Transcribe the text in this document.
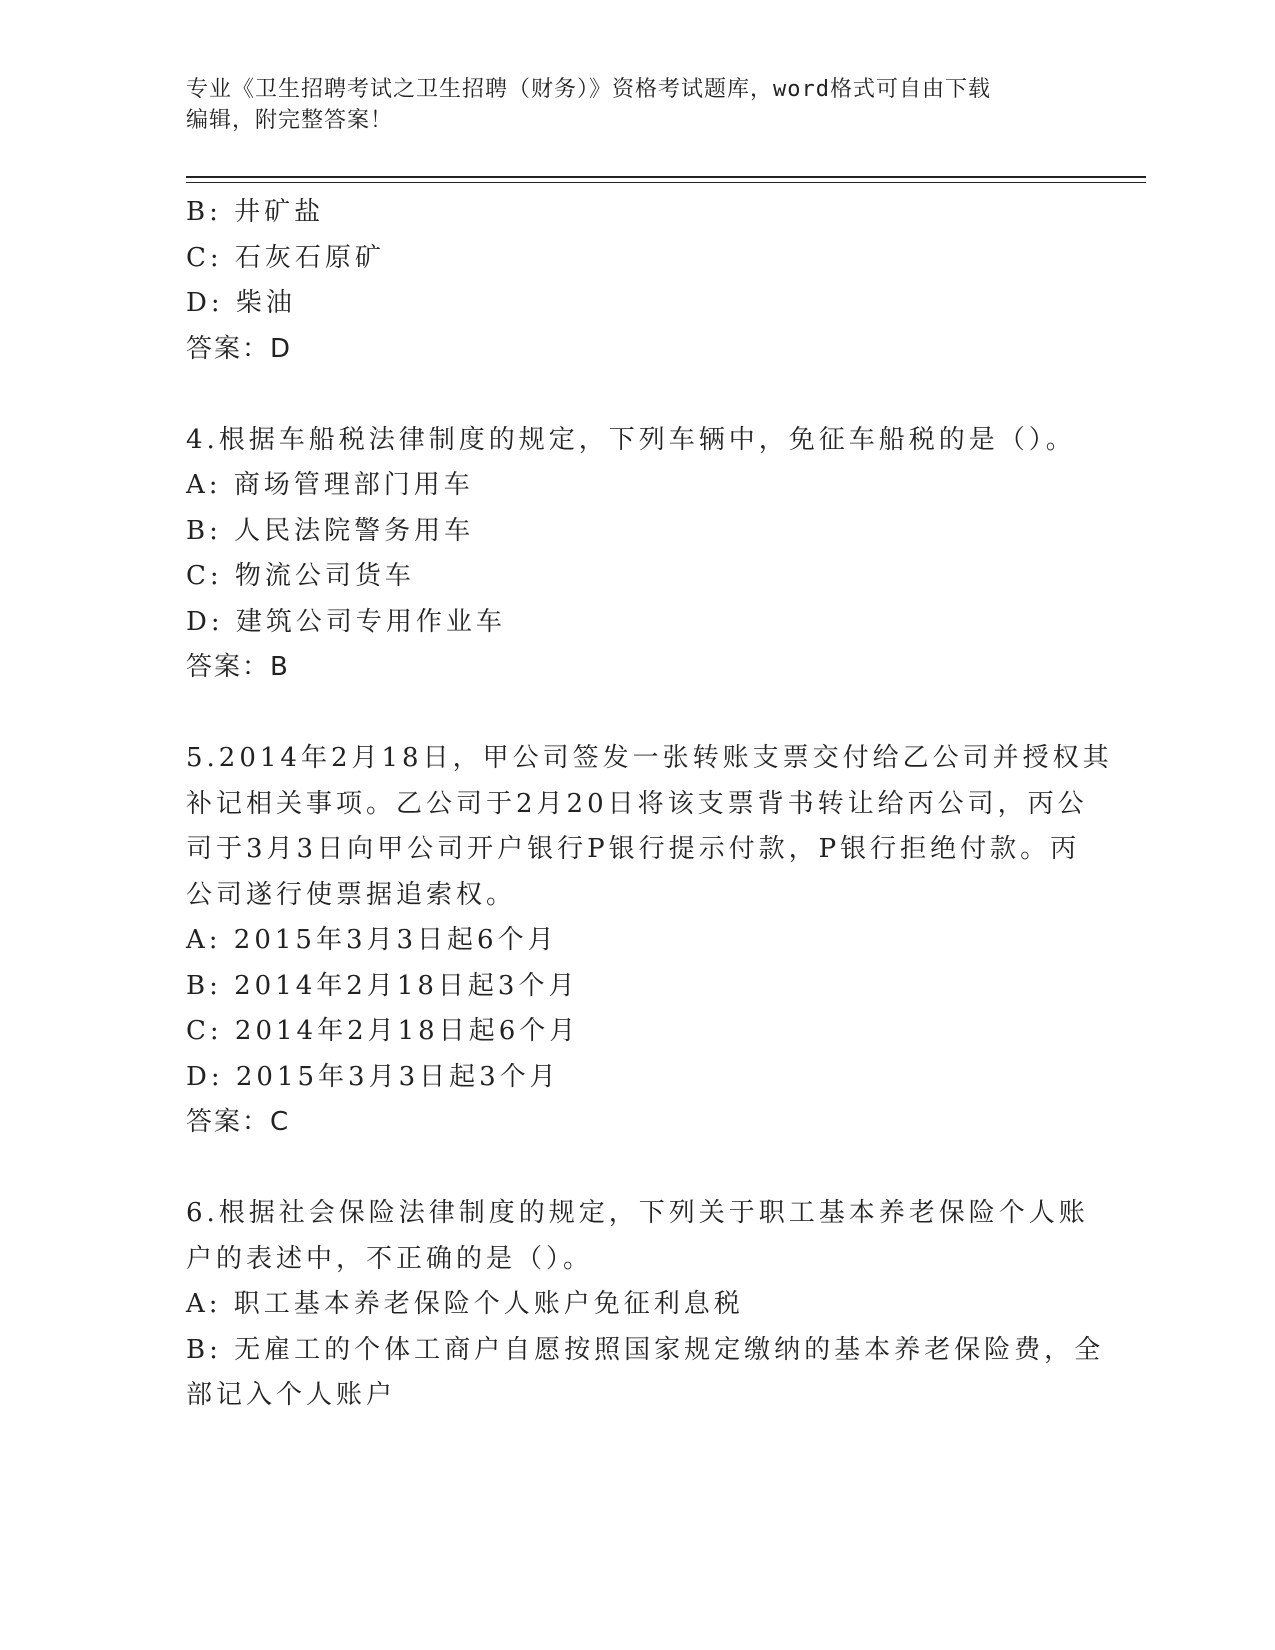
专业《卫生招聘考试之卫生招聘（财务）》资格考试题库，word格式可自由下载
编辑，附完整答案！
B: 井矿盐
C: 石灰石原矿
D: 柴油
答案：D
4.根据车船税法律制度的规定，下列车辆中，免征车船税的是（）。
A: 商场管理部门用车
B: 人民法院警务用车
C: 物流公司货车
D: 建筑公司专用作业车
答案：B
5.2014年2月18日，甲公司签发一张转账支票交付给乙公司并授权其
补记相关事项。乙公司于2月20日将该支票背书转让给丙公司，丙公
司于3月3日向甲公司开户银行P银行提示付款，P银行拒绝付款。丙
公司遂行使票据追索权。
A: 2015年3月3日起6个月
B: 2014年2月18日起3个月
C: 2014年2月18日起6个月
D: 2015年3月3日起3个月
答案：C
6.根据社会保险法律制度的规定，下列关于职工基本养老保险个人账
户的表述中，不正确的是（）。
A: 职工基本养老保险个人账户免征利息税
B: 无雇工的个体工商户自愿按照国家规定缴纳的基本养老保险费，全
部记入个人账户
